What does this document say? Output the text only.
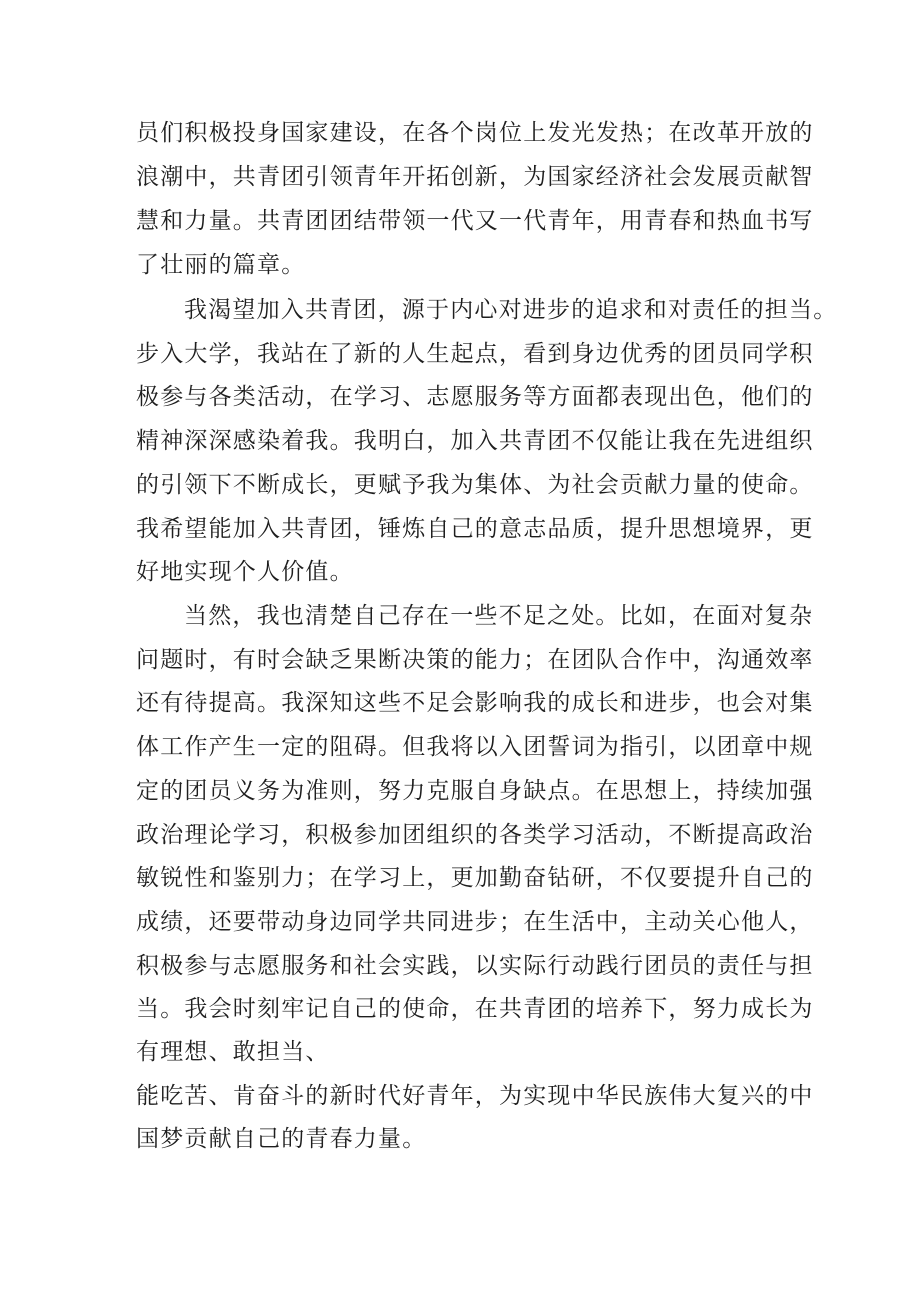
员们积极投身国家建设，在各个岗位上发光发热；在改革开放的
浪潮中，共青团引领青年开拓创新，为国家经济社会发展贡献智
慧和力量。共青团团结带领一代又一代青年，用青春和热血书写
了壮丽的篇章。
我渴望加入共青团，源于内心对进步的追求和对责任的担当。
步入大学，我站在了新的人生起点，看到身边优秀的团员同学积
极参与各类活动，在学习、志愿服务等方面都表现出色，他们的
精神深深感染着我。我明白，加入共青团不仅能让我在先进组织
的引领下不断成长，更赋予我为集体、为社会贡献力量的使命。
我希望能加入共青团，锤炼自己的意志品质，提升思想境界，更
好地实现个人价值。
当然，我也清楚自己存在一些不足之处。比如，在面对复杂
问题时，有时会缺乏果断决策的能力；在团队合作中，沟通效率
还有待提高。我深知这些不足会影响我的成长和进步，也会对集
体工作产生一定的阻碍。但我将以入团誓词为指引，以团章中规
定的团员义务为准则，努力克服自身缺点。在思想上，持续加强
政治理论学习，积极参加团组织的各类学习活动，不断提高政治
敏锐性和鉴别力；在学习上，更加勤奋钻研，不仅要提升自己的
成绩，还要带动身边同学共同进步；在生活中，主动关心他人，
积极参与志愿服务和社会实践，以实际行动践行团员的责任与担
当。我会时刻牢记自己的使命，在共青团的培养下，努力成长为
有理想、敢担当、
能吃苦、肯奋斗的新时代好青年，为实现中华民族伟大复兴的中
国梦贡献自己的青春力量。
